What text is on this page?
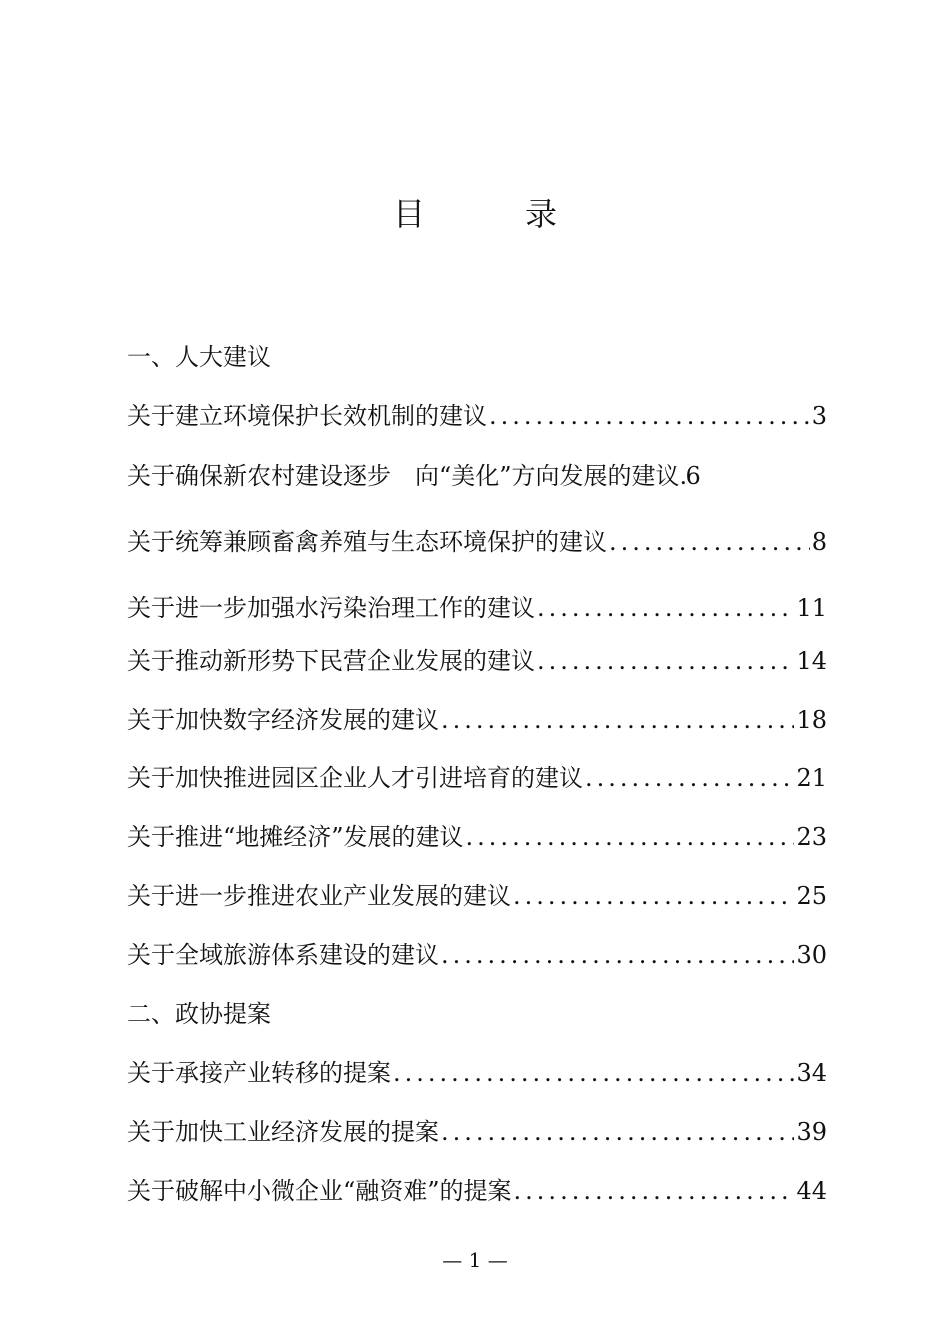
目　录
一、人大建议
关于建立环境保护长效机制的建议 .....	3
关于确保新农村建设逐步　向“美化”方向发展的建议 ..... 6
关于统筹兼顾畜禽养殖与生态环境保护的建议 .....	8
关于进一步加强水污染治理工作的建议 .....	11
关于推动新形势下民营企业发展的建议 .....	14
关于加快数字经济发展的建议 .....	18
关于加快推进园区企业人才引进培育的建议 .....	21
关于推进“地摊经济”发展的建议 .....	23
关于进一步推进农业产业发展的建议 .....	25
关于全域旅游体系建设的建议 .....	30
二、政协提案
关于承接产业转移的提案 .....	34
关于加快工业经济发展的提案 .....	39
关于破解中小微企业“融资难”的提案 .....	44
— 1 —
